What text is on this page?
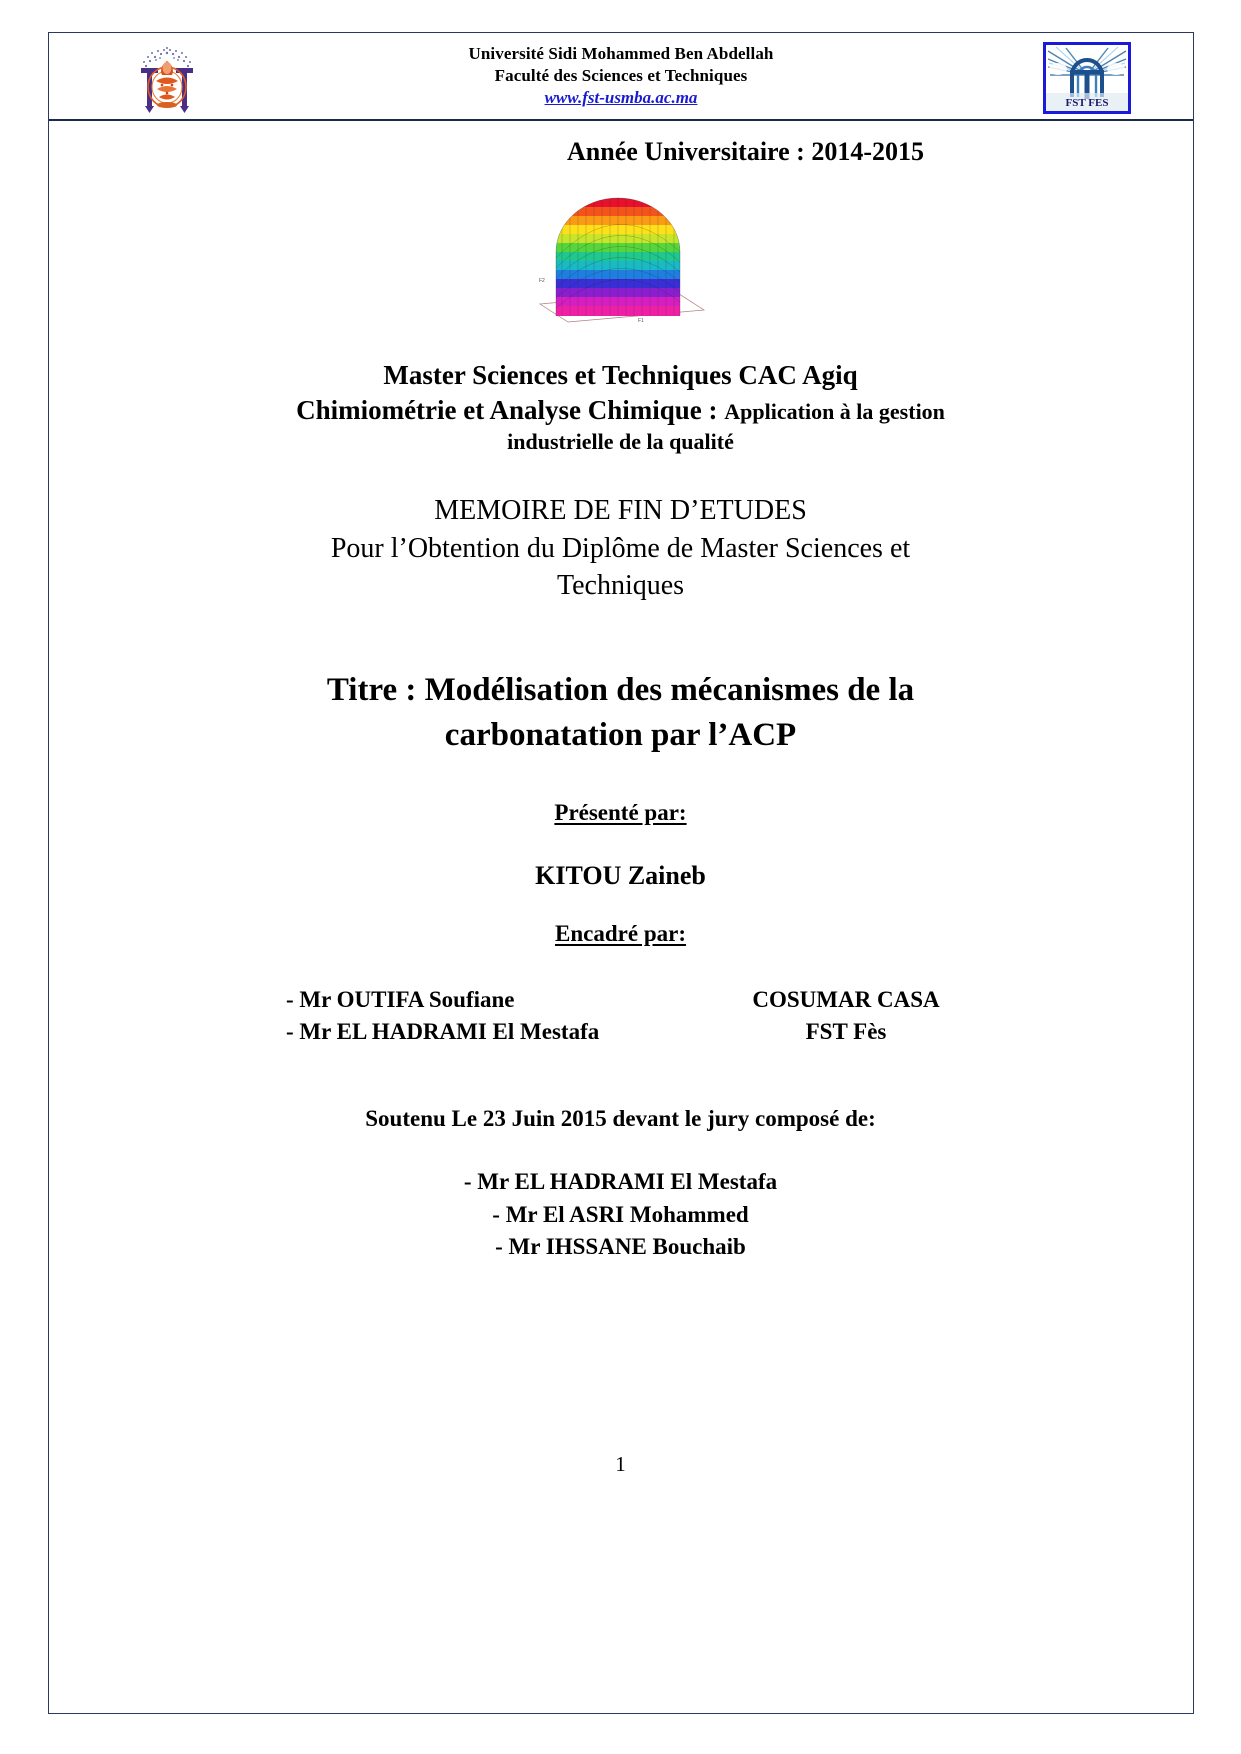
Université Sidi Mohammed Ben Abdellah
Faculté des Sciences et Techniques
www.fst-usmba.ac.ma	FST FES
Année Universitaire : 2014-2015
F2
F1
Master Sciences et Techniques CAC Agiq
Chimiométrie et Analyse Chimique : Application à la gestion
industrielle de la qualité
MEMOIRE DE FIN D’ETUDES
Pour l’Obtention du Diplôme de Master Sciences et
Techniques
Titre : Modélisation des mécanismes de la
carbonatation par l’ACP
Présenté par:
KITOU Zaineb
Encadré par:
- Mr OUTIFA Soufiane	COSUMAR CASA
- Mr EL HADRAMI El Mestafa	FST Fès
Soutenu Le 23 Juin 2015 devant le jury composé de:
- Mr EL HADRAMI El Mestafa
- Mr El ASRI Mohammed
- Mr IHSSANE Bouchaib
1
